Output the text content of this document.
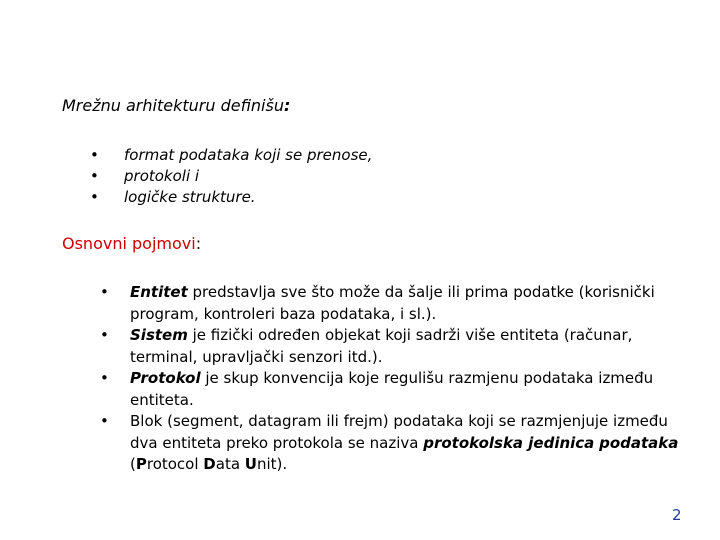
Mrežnu arhitekturu definišu:
• format podataka koji se prenose,
• protokoli i
• logičke strukture.
Osnovni pojmovi:
• Entitet predstavlja sve što može da šalje ili prima podatke (korisnički program, kontroleri baza podataka, i sl.).
• Sistem je fizički određen objekat koji sadrži više entiteta (računar, terminal, upravljački senzori itd.).
• Protokol je skup konvencija koje regulišu razmjenu podataka između entiteta.
• Blok (segment, datagram ili frejm) podataka koji se razmjenjuje između dva entiteta preko protokola se naziva protokolska jedinica podataka (Protocol Data Unit).
2
